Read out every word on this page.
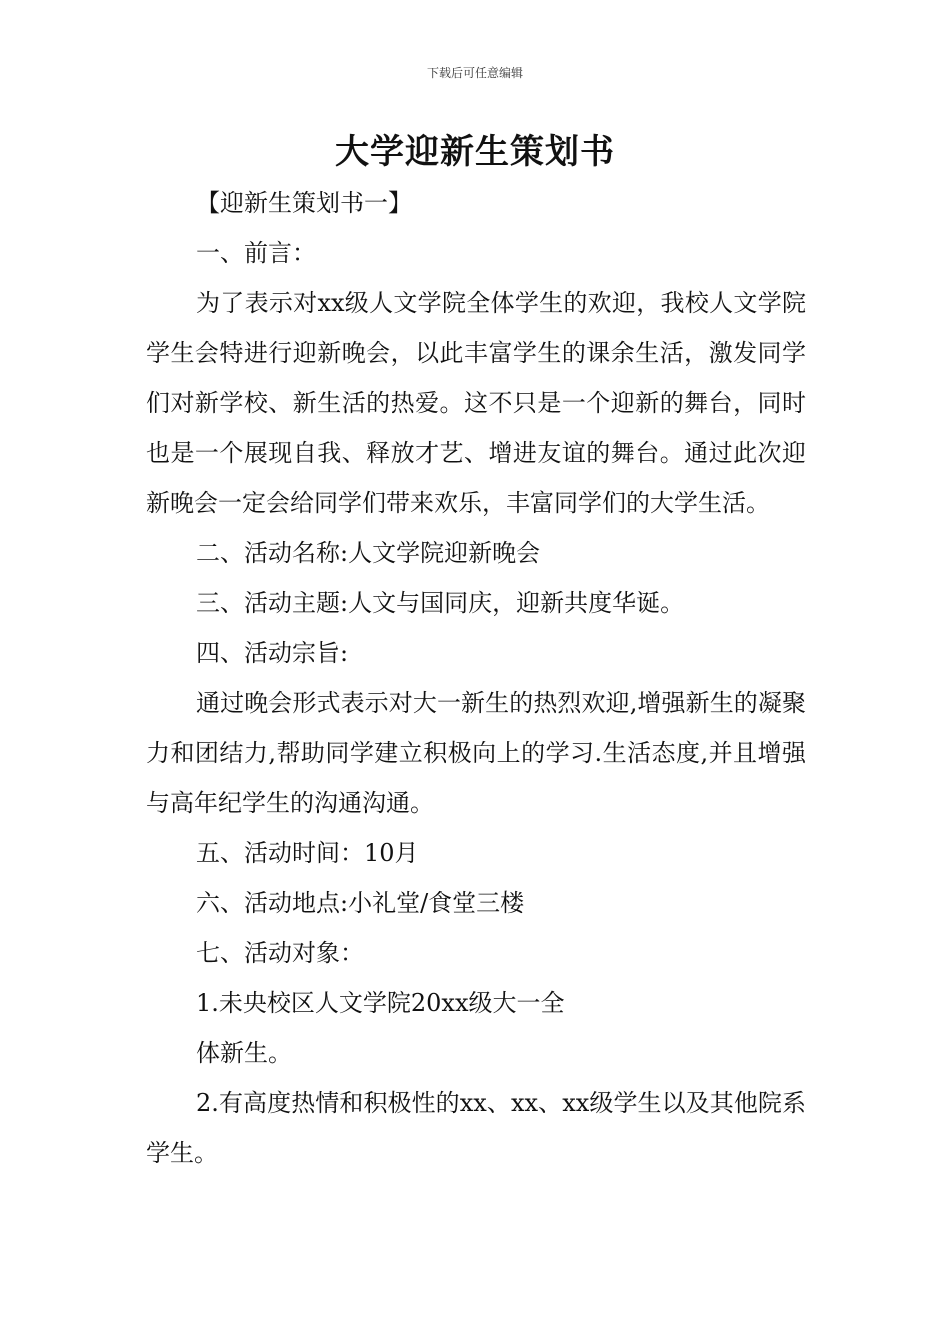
下载后可任意编辑
大学迎新生策划书

【迎新生策划书一】

一、前言：

为了表示对xx级人文学院全体学生的欢迎，我校人文学院学生会特进行迎新晚会，以此丰富学生的课余生活，激发同学们对新学校、新生活的热爱。这不只是一个迎新的舞台，同时也是一个展现自我、释放才艺、增进友谊的舞台。通过此次迎新晚会一定会给同学们带来欢乐，丰富同学们的大学生活。

二、活动名称:人文学院迎新晚会

三、活动主题:人文与国同庆，迎新共度华诞。

四、活动宗旨:

通过晚会形式表示对大一新生的热烈欢迎,增强新生的凝聚力和团结力,帮助同学建立积极向上的学习.生活态度,并且增强与高年纪学生的沟通沟通。

五、活动时间：10月

六、活动地点:小礼堂/食堂三楼

七、活动对象：

1.未央校区人文学院20xx级大一全

体新生。

2.有高度热情和积极性的xx、xx、xx级学生以及其他院系学生。
